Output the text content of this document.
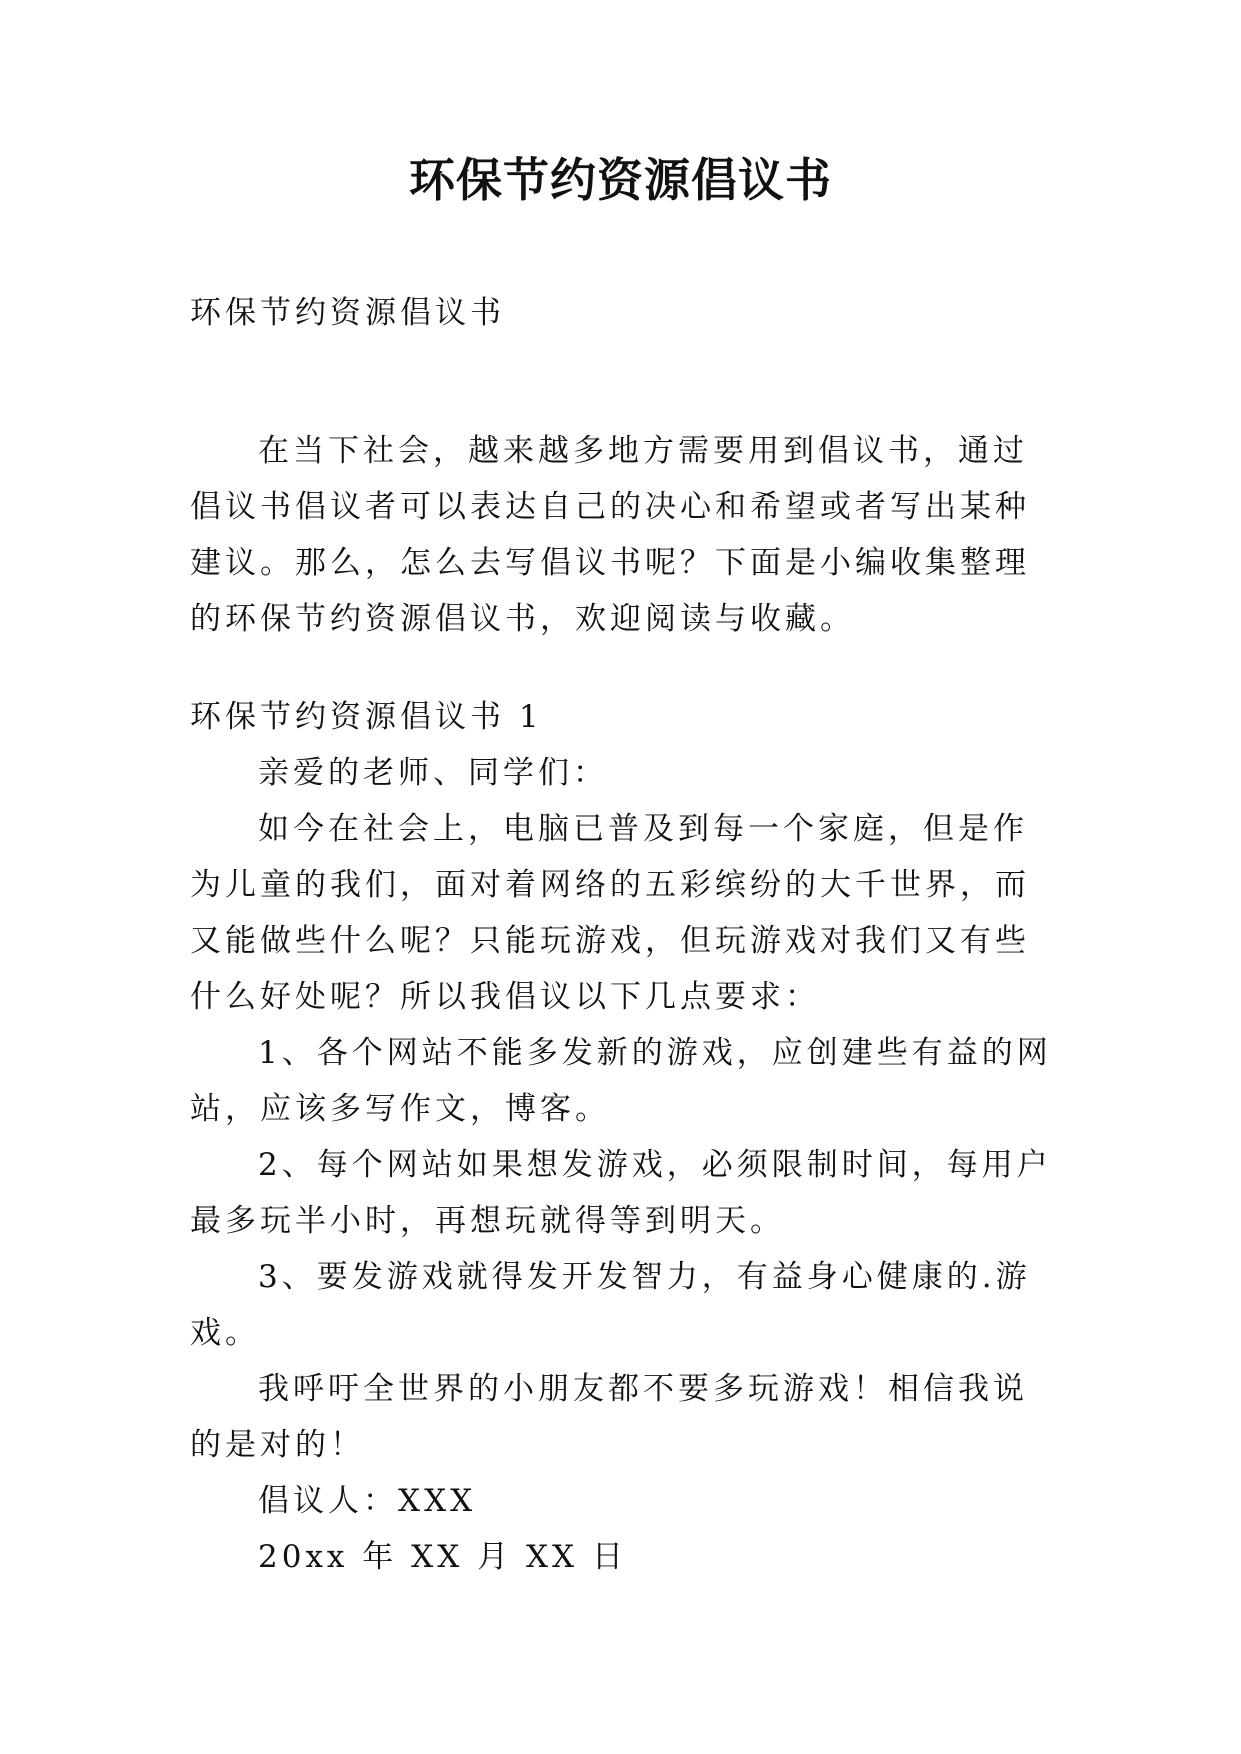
环保节约资源倡议书

环保节约资源倡议书

在当下社会，越来越多地方需要用到倡议书，通过倡议书倡议者可以表达自己的决心和希望或者写出某种建议。那么，怎么去写倡议书呢？下面是小编收集整理的环保节约资源倡议书，欢迎阅读与收藏。

环保节约资源倡议书 1

亲爱的老师、同学们：

如今在社会上，电脑已普及到每一个家庭，但是作为儿童的我们，面对着网络的五彩缤纷的大千世界，而又能做些什么呢？只能玩游戏，但玩游戏对我们又有些什么好处呢？所以我倡议以下几点要求：

1、各个网站不能多发新的游戏，应创建些有益的网站，应该多写作文，博客。

2、每个网站如果想发游戏，必须限制时间，每用户最多玩半小时，再想玩就得等到明天。

3、要发游戏就得发开发智力，有益身心健康的.游戏。

我呼吁全世界的小朋友都不要多玩游戏！相信我说的是对的！

倡议人：XXX

20xx 年 XX 月 XX 日
